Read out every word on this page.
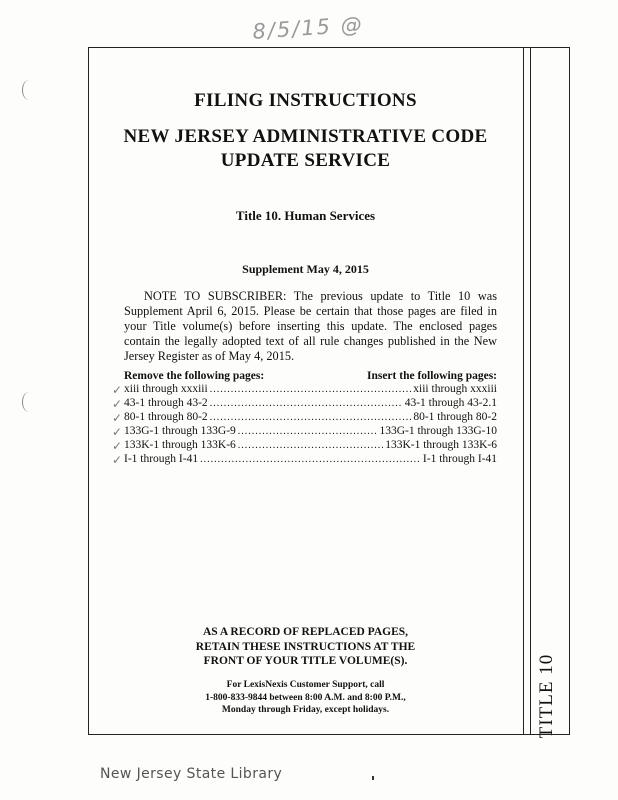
8/5/15 @
TITLE 10
FILING INSTRUCTIONS
NEW JERSEY ADMINISTRATIVE CODE
UPDATE SERVICE
Title 10. Human Services
Supplement May 4, 2015
NOTE TO SUBSCRIBER: The previous update to Title 10 was Supplement April 6, 2015. Please be certain that those pages are filed in your Title volume(s) before inserting this update. The enclosed pages contain the legally adopted text of all rule changes published in the New Jersey Register as of May 4, 2015.
Remove the following pages:	Insert the following pages:
✓ xiii through xxxiii .....	xiii through xxxiii
✓ 43-1 through 43-2 .....	43-1 through 43-2.1
✓ 80-1 through 80-2 .....	80-1 through 80-2
✓ 133G-1 through 133G-9 .....	133G-1 through 133G-10
✓ 133K-1 through 133K-6 .....	133K-1 through 133K-6
✓ I-1 through I-41 .....	I-1 through I-41
AS A RECORD OF REPLACED PAGES,
RETAIN THESE INSTRUCTIONS AT THE
FRONT OF YOUR TITLE VOLUME(S).
For LexisNexis Customer Support, call
1-800-833-9844 between 8:00 A.M. and 8:00 P.M.,
Monday through Friday, except holidays.
New Jersey State Library
